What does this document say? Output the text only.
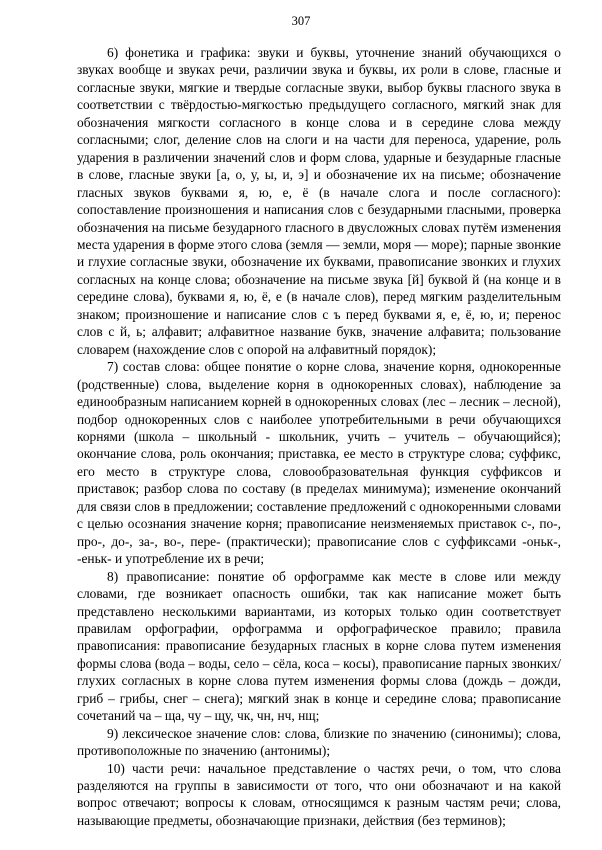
307

6) фонетика и графика: звуки и буквы, уточнение знаний обучающихся о звуках вообще и звуках речи, различии звука и буквы, их роли в слове, гласные и согласные звуки, мягкие и твердые согласные звуки, выбор буквы гласного звука в соответствии с твёрдостью-мягкостью предыдущего согласного, мягкий знак для обозначения мягкости согласного в конце слова и в середине слова между согласными; слог, деление слов на слоги и на части для переноса, ударение, роль ударения в различении значений слов и форм слова, ударные и безударные гласные в слове, гласные звуки [а, о, у, ы, и, э] и обозначение их на письме; обозначение гласных звуков буквами я, ю, е, ё (в начале слога и после согласного): сопоставление произношения и написания слов с безударными гласными, проверка обозначения на письме безударного гласного в двусложных словах путём изменения места ударения в форме этого слова (земля — земли, моря — море); парные звонкие и глухие согласные звуки, обозначение их буквами, правописание звонких и глухих согласных на конце слова; обозначение на письме звука [й] буквой й (на конце и в середине слова), буквами я, ю, ё, е (в начале слов), перед мягким разделительным знаком; произношение и написание слов с ъ перед буквами я, е, ё, ю, и; перенос слов с й, ь; алфавит; алфавитное название букв, значение алфавита; пользование словарем (нахождение слов с опорой на алфавитный порядок);

7) состав слова: общее понятие о корне слова, значение корня, однокоренные (родственные) слова, выделение корня в однокоренных словах), наблюдение за единообразным написанием корней в однокоренных словах (лес – лесник – лесной), подбор однокоренных слов с наиболее употребительными в речи обучающихся корнями (школа – школьный - школьник, учить – учитель – обучающийся); окончание слова, роль окончания; приставка, ее место в структуре слова; суффикс, его место в структуре слова, словообразовательная функция суффиксов и приставок; разбор слова по составу (в пределах минимума); изменение окончаний для связи слов в предложении; составление предложений с однокоренными словами с целью осознания значение корня; правописание неизменяемых приставок с-, по-, про-, до-, за-, во-, пере- (практически); правописание слов с суффиксами -оньк-, -еньк- и употребление их в речи;

8) правописание: понятие об орфограмме как месте в слове или между словами, где возникает опасность ошибки, так как написание может быть представлено несколькими вариантами, из которых только один соответствует правилам орфографии, орфограмма и орфографическое правило; правила правописания: правописание безударных гласных в корне слова путем изменения формы слова (вода – воды, село – сёла, коса – косы), правописание парных звонких/глухих согласных в корне слова путем изменения формы слова (дождь – дожди, гриб – грибы, снег – снега); мягкий знак в конце и середине слова; правописание сочетаний ча – ща, чу – щу, чк, чн, нч, нщ;

9) лексическое значение слов: слова, близкие по значению (синонимы); слова, противоположные по значению (антонимы);

10) части речи: начальное представление о частях речи, о том, что слова разделяются на группы в зависимости от того, что они обозначают и на какой вопрос отвечают; вопросы к словам, относящимся к разным частям речи; слова, называющие предметы, обозначающие признаки, действия (без терминов);
